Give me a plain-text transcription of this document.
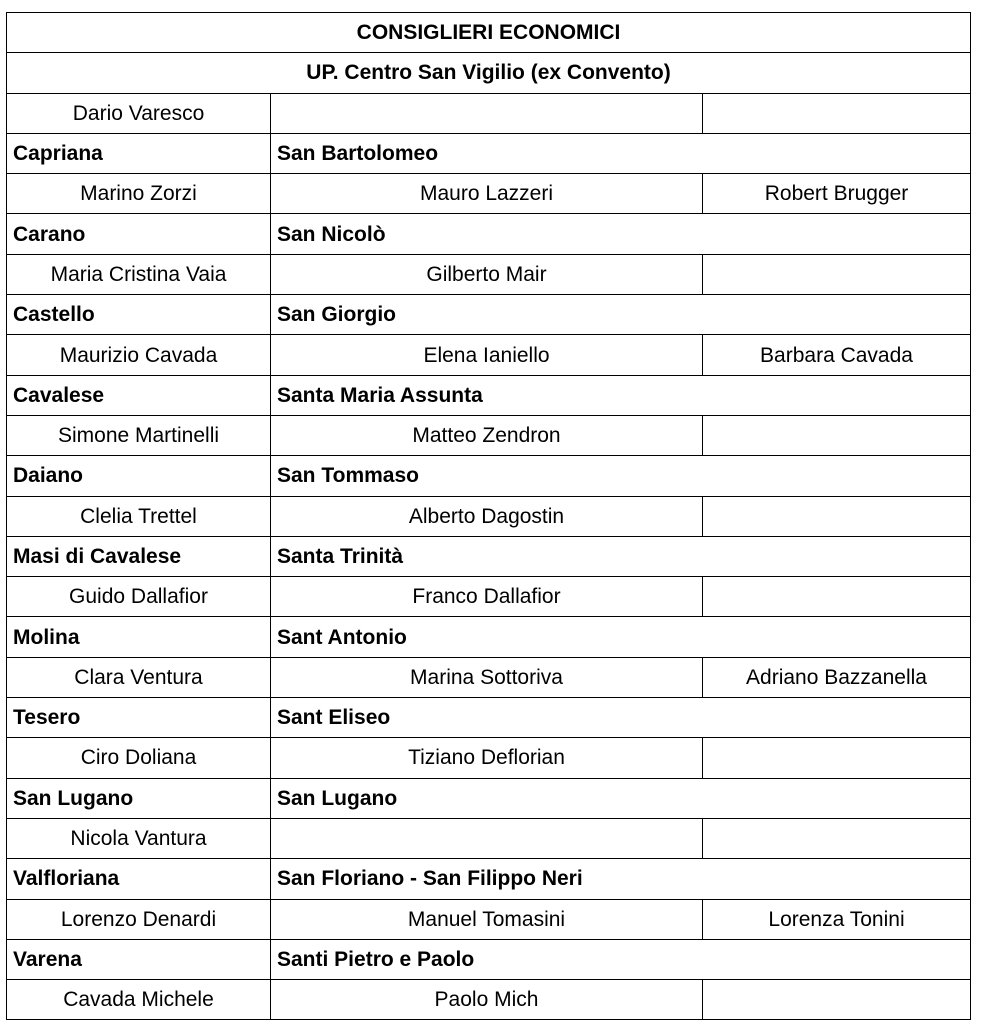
CONSIGLIERI ECONOMICI		
UP. Centro San Vigilio (ex Convento)		
Dario Varesco		
Capriana	San Bartolomeo	
Marino Zorzi	Mauro Lazzeri	Robert Brugger
Carano	San Nicolò	
Maria Cristina Vaia	Gilberto Mair	
Castello	San Giorgio	
Maurizio Cavada	Elena Ianiello	Barbara Cavada
Cavalese	Santa Maria Assunta	
Simone Martinelli	Matteo Zendron	
Daiano	San Tommaso	
Clelia Trettel	Alberto Dagostin	
Masi di Cavalese	Santa Trinità	
Guido Dallafior	Franco Dallafior	
Molina	Sant Antonio	
Clara Ventura	Marina Sottoriva	Adriano Bazzanella
Tesero	Sant Eliseo	
Ciro Doliana	Tiziano Deflorian	
San Lugano	San Lugano	
Nicola Vantura		
Valfloriana	San Floriano - San Filippo Neri	
Lorenzo Denardi	Manuel Tomasini	Lorenza Tonini
Varena	Santi Pietro e Paolo	
Cavada Michele	Paolo Mich	
